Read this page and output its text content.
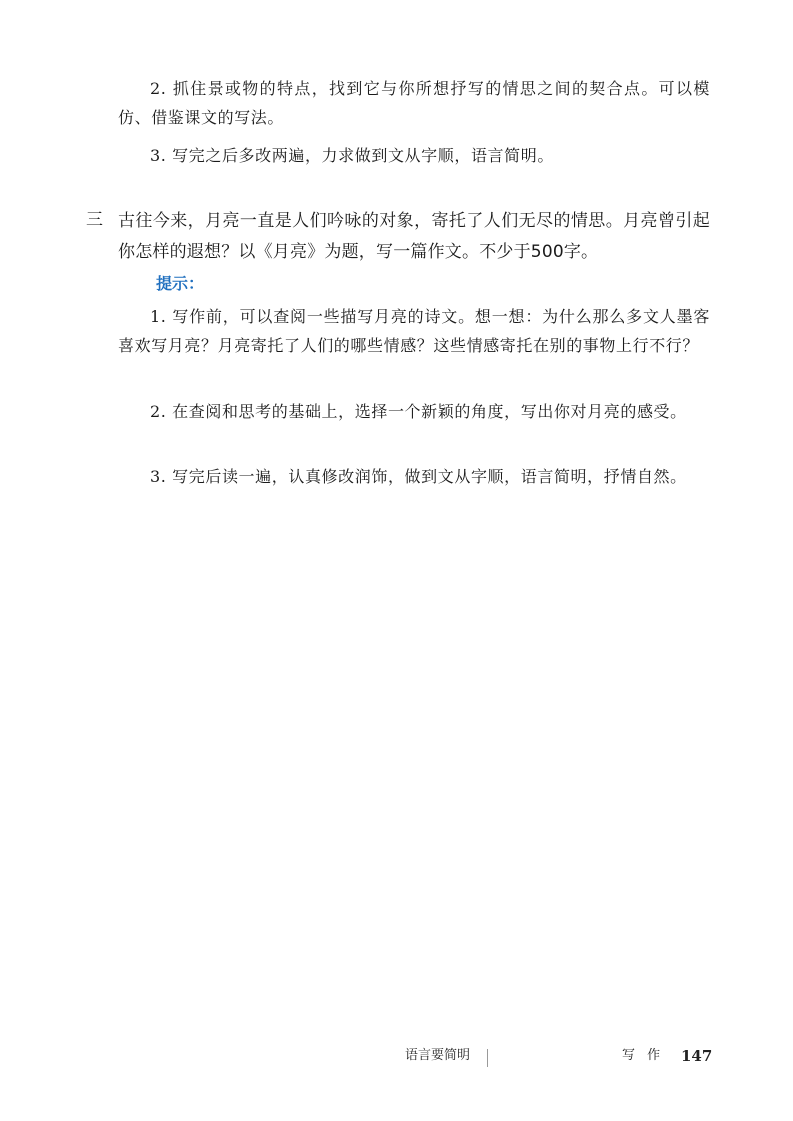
2. 抓住景或物的特点，找到它与你所想抒写的情思之间的契合点。可以模仿、借鉴课文的写法。

3. 写完之后多改两遍，力求做到文从字顺，语言简明。

三 古往今来，月亮一直是人们吟咏的对象，寄托了人们无尽的情思。月亮曾引起你怎样的遐想？以《月亮》为题，写一篇作文。不少于500字。

提示：

1. 写作前，可以查阅一些描写月亮的诗文。想一想：为什么那么多文人墨客喜欢写月亮？月亮寄托了人们的哪些情感？这些情感寄托在别的事物上行不行？

2. 在查阅和思考的基础上，选择一个新颖的角度，写出你对月亮的感受。

3. 写完后读一遍，认真修改润饰，做到文从字顺，语言简明，抒情自然。

语言要简明	写 作 147
